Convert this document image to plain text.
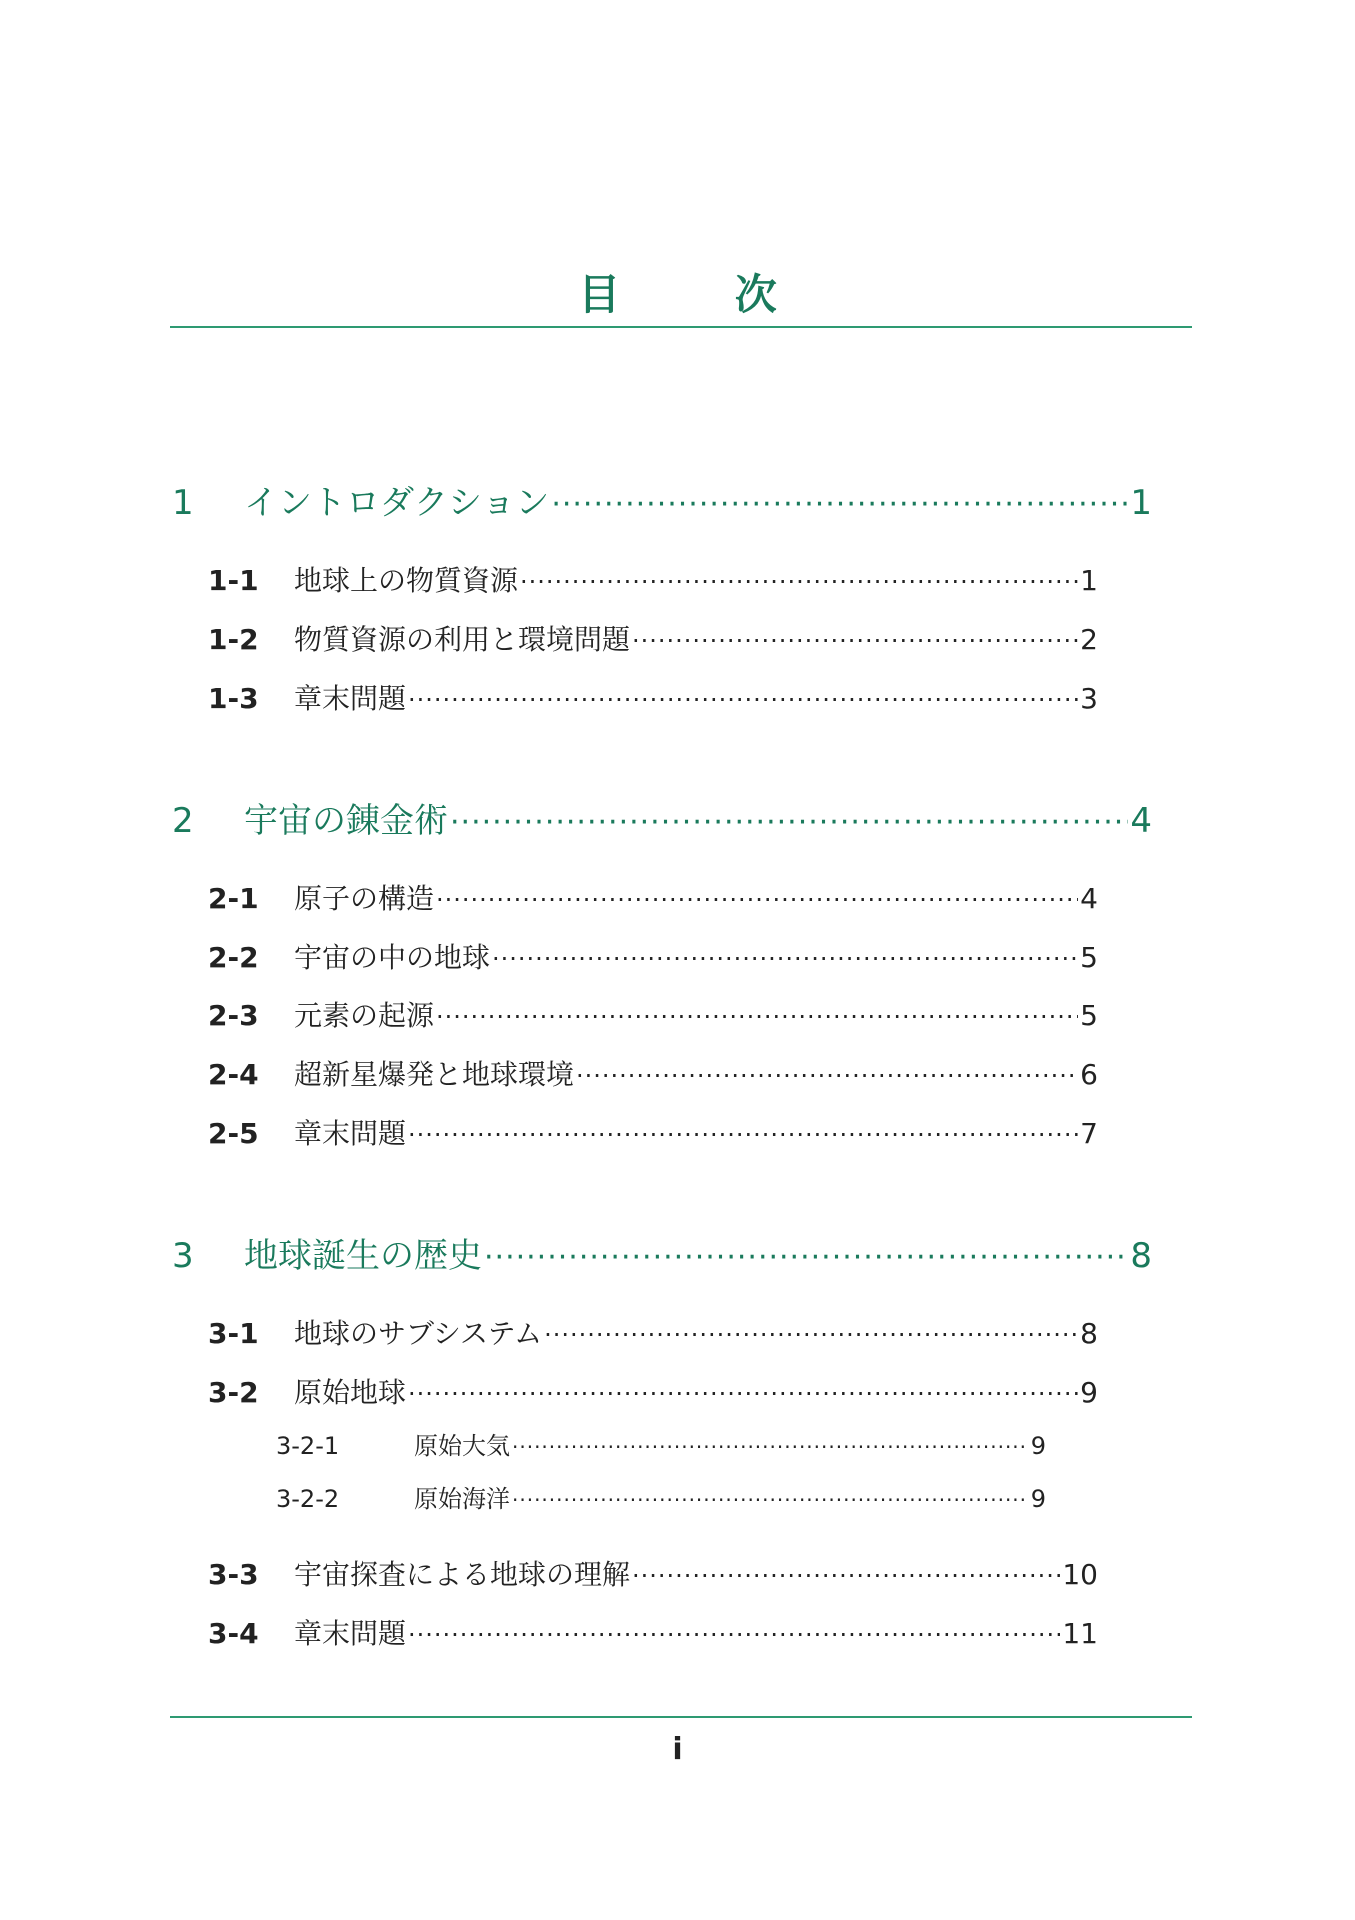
目 次
1	イントロダクション ·····	1
1-1	地球上の物質資源 ·····	1
1-2	物質資源の利用と環境問題 ·····	2
1-3	章末問題 ·····	3
2	宇宙の錬金術 ·····	4
2-1	原子の構造 ·····	4
2-2	宇宙の中の地球 ·····	5
2-3	元素の起源 ·····	5
2-4	超新星爆発と地球環境 ·····	6
2-5	章末問題 ·····	7
3	地球誕生の歴史 ·····	8
3-1	地球のサブシステム ·····	8
3-2	原始地球 ·····	9
3-2-1	原始大気 ·····	9
3-2-2	原始海洋 ·····	9
3-3	宇宙探査による地球の理解 ·····	10
3-4	章末問題 ·····	11
i
